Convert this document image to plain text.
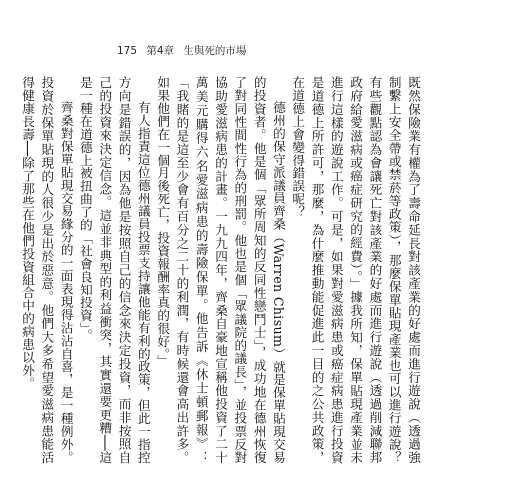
175 第4章 生與死的市場

既然保險業有權為了壽命延長對該產業的好處而進行遊說（透過強制繫上安全帶或禁菸等政策），那麼保單貼現產業也可以進行遊說？有些觀點認為會讓死亡對該產業的好處而進行遊說（透過削減聯邦政府給愛滋病或癌症研究的經費）。」據我所知，保單貼現產業並未進行這樣的遊說工作。可是，如果對愛滋病患或癌症病患進行投資是道德上所許可，那麼，為什麼推動能促進此一目的之公共政策，在道德上會變得錯誤呢？

德州的保守派議員齊桑（Warren Chisum）就是保單貼現交易的投資者。他是個「眾所周知的反同性戀鬥士」，成功地在德州恢復了對同性間性行為的刑罰。他也是個「眾議院的議長」，並投票反對協助愛滋病患的計畫。一九九四年，齊桑自豪地宣稱他投資了二十萬美元購得六名愛滋病患的壽險保單。他告訴《休士頓郵報》：「我賭的是這至少會有百分之二十的利潤，有時候還會高出許多。如果他們在一個月後死亡，投資報酬率真的很好。」

有人指責這位德州議員投票支持讓他能有利的政策，但此一指控方向是錯誤的，因為他是按照自己的信念來決定投資，而非按照自己的投資來決定信念。這並非典型的利益衝突，其實還要更糟──這是一種在道德上被扭曲了的「社會良知投資」。

齊桑對保單貼現交易緣分的一面表現得沾沾自喜，是一種例外。投資於保單貼現的人很少是出於惡意。他們大多希望愛滋病患能活得健康長壽──除了那些在他們投資組合中的病患以外。
